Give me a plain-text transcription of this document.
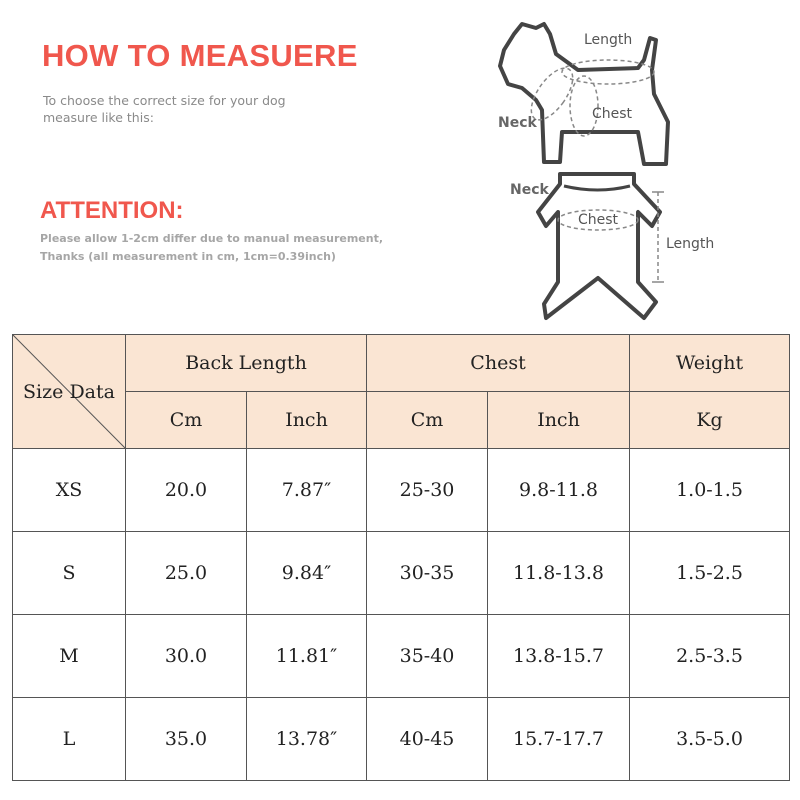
HOW TO MEASUERE
To choose the correct size for your dog
measure like this:
ATTENTION:
Please allow 1-2cm differ due to manual measurement,
Thanks (all measurement in cm, 1cm=0.39inch)
Length
Neck
Chest
Neck
Chest
Length
Size Data	Back Length		Chest		Weight
	Cm	Inch	Cm	Inch	Kg
XS	20.0	7.87″	25-30	9.8-11.8	1.0-1.5
S	25.0	9.84″	30-35	11.8-13.8	1.5-2.5
M	30.0	11.81″	35-40	13.8-15.7	2.5-3.5
L	35.0	13.78″	40-45	15.7-17.7	3.5-5.0
